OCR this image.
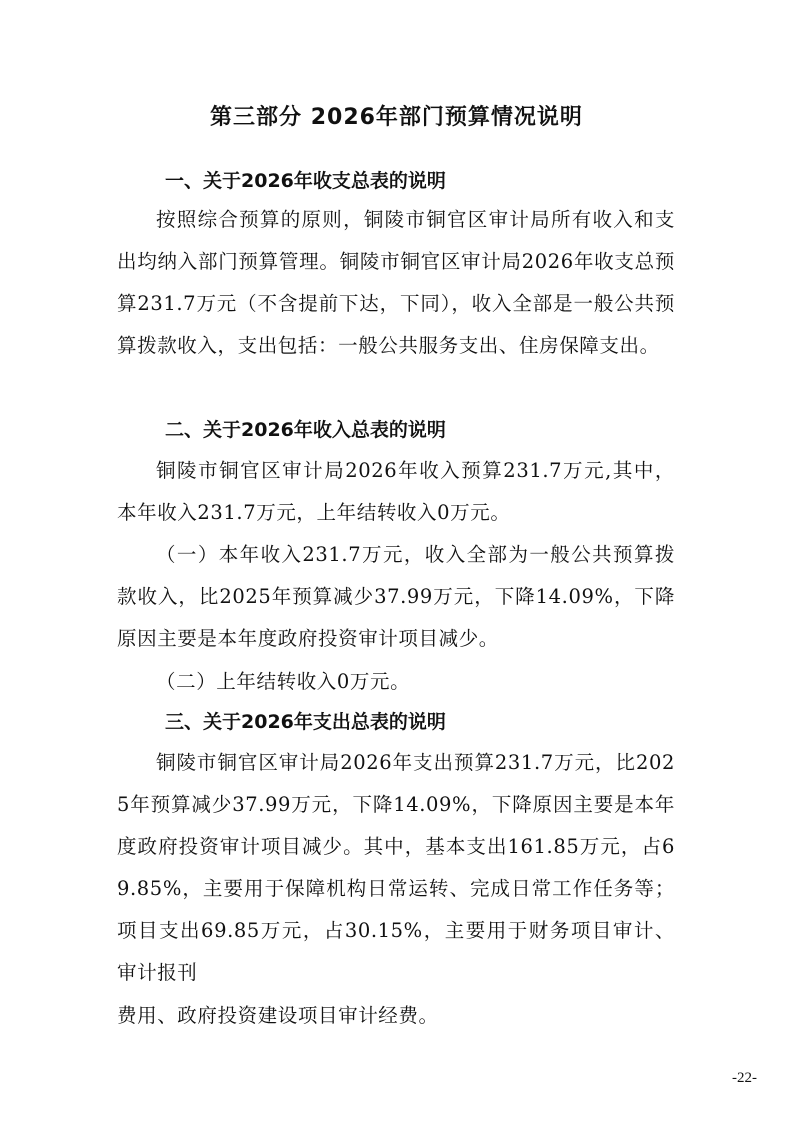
第三部分 2026年部门预算情况说明
一、关于2026年收支总表的说明

按照综合预算的原则，铜陵市铜官区审计局所有收入和支出均纳入部门预算管理。铜陵市铜官区审计局2026年收支总预算231.7万元（不含提前下达，下同），收入全部是一般公共预算拨款收入，支出包括：一般公共服务支出、住房保障支出。

二、关于2026年收入总表的说明

铜陵市铜官区审计局2026年收入预算231.7万元,其中，本年收入231.7万元，上年结转收入0万元。

（一）本年收入231.7万元，收入全部为一般公共预算拨款收入，比2025年预算减少37.99万元，下降14.09%，下降原因主要是本年度政府投资审计项目减少。

（二）上年结转收入0万元。

三、关于2026年支出总表的说明

铜陵市铜官区审计局2026年支出预算231.7万元，比2025年预算减少37.99万元，下降14.09%，下降原因主要是本年度政府投资审计项目减少。其中，基本支出161.85万元，占69.85%，主要用于保障机构日常运转、完成日常工作任务等；项目支出69.85万元，占30.15%，主要用于财务项目审计、审计报刊

费用、政府投资建设项目审计经费。

-22-
